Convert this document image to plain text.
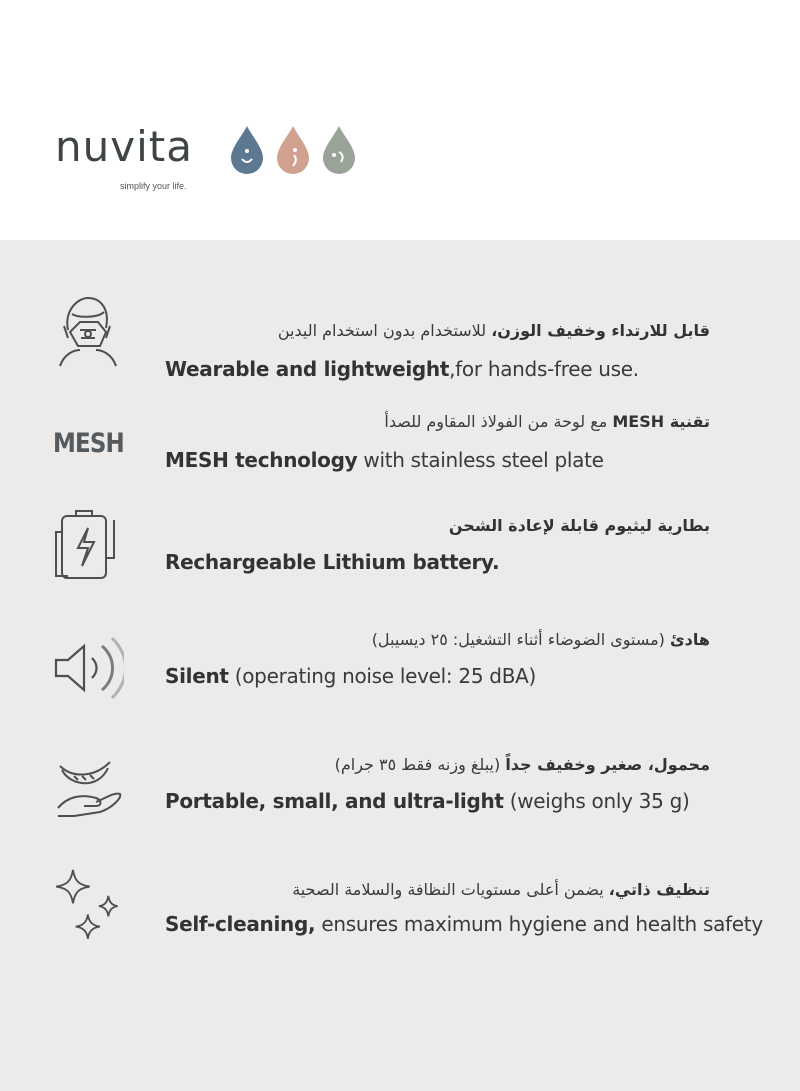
nuvita
simplify your life.
قابل للارتداء وخفيف الوزن، للاستخدام بدون استخدام اليدين
Wearable and lightweight,for hands-free use.
MESH
تقنية MESH مع لوحة من الفولاذ المقاوم للصدأ
MESH technology with stainless steel plate
بطارية ليثيوم قابلة لإعادة الشحن
Rechargeable Lithium battery.
هادئ (مستوى الضوضاء أثناء التشغيل: ٢٥ ديسيبل)
Silent (operating noise level: 25 dBA)
محمول، صغير وخفيف جداً (يبلغ وزنه فقط ٣٥ جرام)
Portable, small, and ultra-light (weighs only 35 g)
تنظيف ذاتي، يضمن أعلى مستويات النظافة والسلامة الصحية
Self-cleaning, ensures maximum hygiene and health safety
